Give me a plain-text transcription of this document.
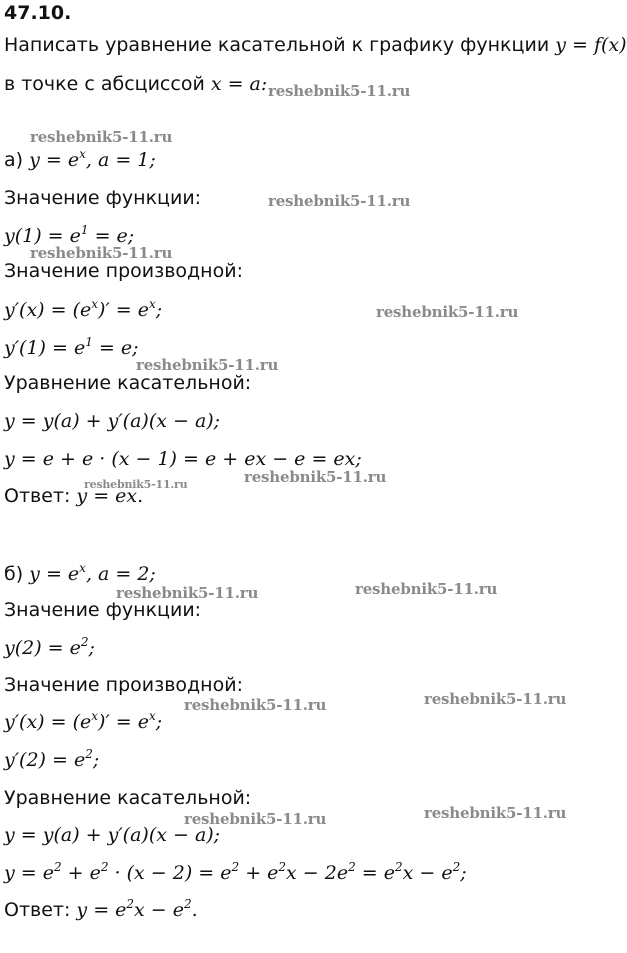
47.10.
Написать уравнение касательной к графику функции y = f(x)
в точке с абсциссой x = a:
а) $y = e^x$, a = 1;
Значение функции:
$y(1) = e^1 = e$;
Значение производной:
$y'(x) = (e^x)' = e^x$;
$y'(1) = e^1 = e$;
Уравнение касательной:
y = y(a) + y′(a)(x − a);
y = e + e · (x − 1) = e + ex − e = ex;
Ответ: y = ex.
б) $y = e^x$, a = 2;
Значение функции:
$y(2) = e^2$;
Значение производной:
$y'(x) = (e^x)' = e^x$;
$y'(2) = e^2$;
Уравнение касательной:
y = y(a) + y′(a)(x − a);
$y = e^2 + e^2 \cdot (x - 2) = e^2 + e^2x - 2e^2 = e^2x - e^2$;
Ответ: $y = e^2x - e^2$.
reshebnik5-11.ru
reshebnik5-11.ru
reshebnik5-11.ru
reshebnik5-11.ru
reshebnik5-11.ru
reshebnik5-11.ru
reshebnik5-11.ru
reshebnik5-11.ru
reshebnik5-11.ru
reshebnik5-11.ru
reshebnik5-11.ru
reshebnik5-11.ru
reshebnik5-11.ru
reshebnik5-11.ru
